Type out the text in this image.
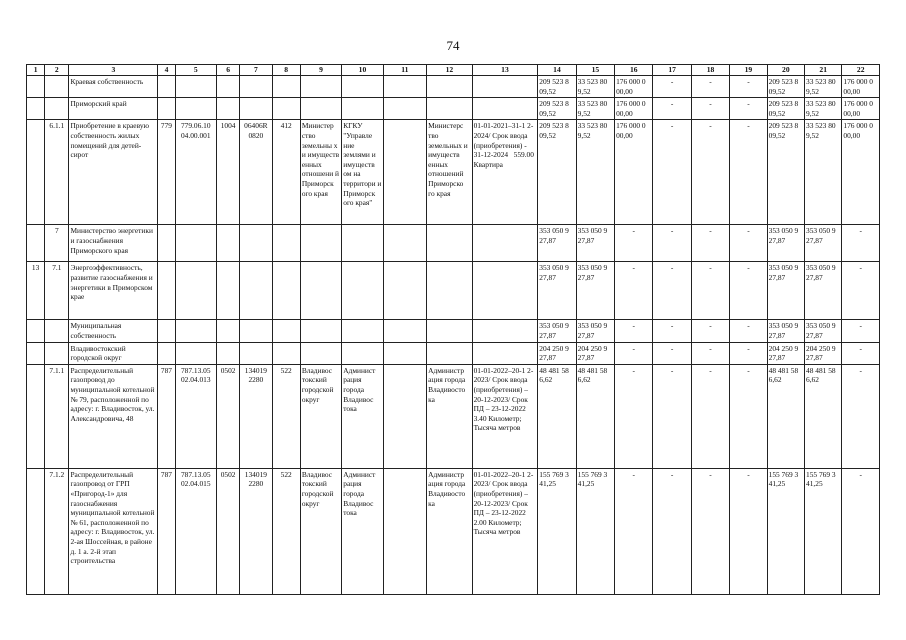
74
1	2	3	4	5	6	7	8	9	10	11	12	13	14	15	16	17	18	19	20	21	22
		Краевая собственность											209 523 8 09,52	33 523 80 9,52	176 000 0 00,00	-	-	-	209 523 8 09,52	33 523 80 9,52	176 000 0 00,00
		Приморский край											209 523 8 09,52	33 523 80 9,52	176 000 0 00,00	-	-	-	209 523 8 09,52	33 523 80 9,52	176 000 0 00,00
	6.1.1	Приобретение в краевую собственность жилых помещений для детей-сирот	779	779.06.10 04.00.001	1004	06406R 0820	412	Министер ство земельны х и имуществ енных отношени й Приморск ого края	КГКУ "Управле ние землями и имуществ ом на территори и Приморск ого края"		Министерс тво земельных и имуществ енных отношений Приморско го края	01-01-2021–31-1 2-2024/ Срок ввода (приобретения) - 31-12-2024   559.00 Квартира	209 523 8 09,52	33 523 80 9,52	176 000 0 00,00	-	-	-	209 523 8 09,52	33 523 80 9,52	176 000 0 00,00
	7	Министерство энергетики и газоснабжения Приморского края											353 050 9 27,87	353 050 9 27,87	-	-	-	-	353 050 9 27,87	353 050 9 27,87	-
13	7.1	Энергоэффективность, развитие газоснабжения и энергетики в Приморском крае											353 050 9 27,87	353 050 9 27,87	-	-	-	-	353 050 9 27,87	353 050 9 27,87	-
		Муниципальная собственность											353 050 9 27,87	353 050 9 27,87	-	-	-	-	353 050 9 27,87	353 050 9 27,87	-
		Владивостокский городской округ											204 250 9 27,87	204 250 9 27,87	-	-	-	-	204 250 9 27,87	204 250 9 27,87	-
	7.1.1	Распределительный газопровод до муниципальной котельной № 79, расположенной по адресу: г. Владивосток, ул. Александровича, 48	787	787.13.05 02.04.013	0502	134019 2280	522	Владивос токский городской округ	Админист рация города Владивос тока		Администр ация города Владивосто ка	01-01-2022–20-1 2-2023/ Срок ввода (приобретения) – 20-12-2023/ Срок ПД – 23-12-2022   3.40 Километр; Тысяча метров	48 481 58 6,62	48 481 58 6,62	-	-	-	-	48 481 58 6,62	48 481 58 6,62	-
	7.1.2	Распределительный газопровод от ГРП «Пригород-1» для газоснабжения муниципальной котельной № 61, расположенной по адресу: г. Владивосток, ул. 2-ая Шоссейная, в районе д. 1 а. 2-й этап строительства	787	787.13.05 02.04.015	0502	134019 2280	522	Владивос токский городской округ	Админист рация города Владивос тока		Администр ация города Владивосто ка	01-01-2022–20-1 2-2023/ Срок ввода (приобретения) – 20-12-2023/ Срок ПД – 23-12-2022   2.00 Километр; Тысяча метров	155 769 3 41,25	155 769 3 41,25	-	-	-	-	155 769 3 41,25	155 769 3 41,25	-
